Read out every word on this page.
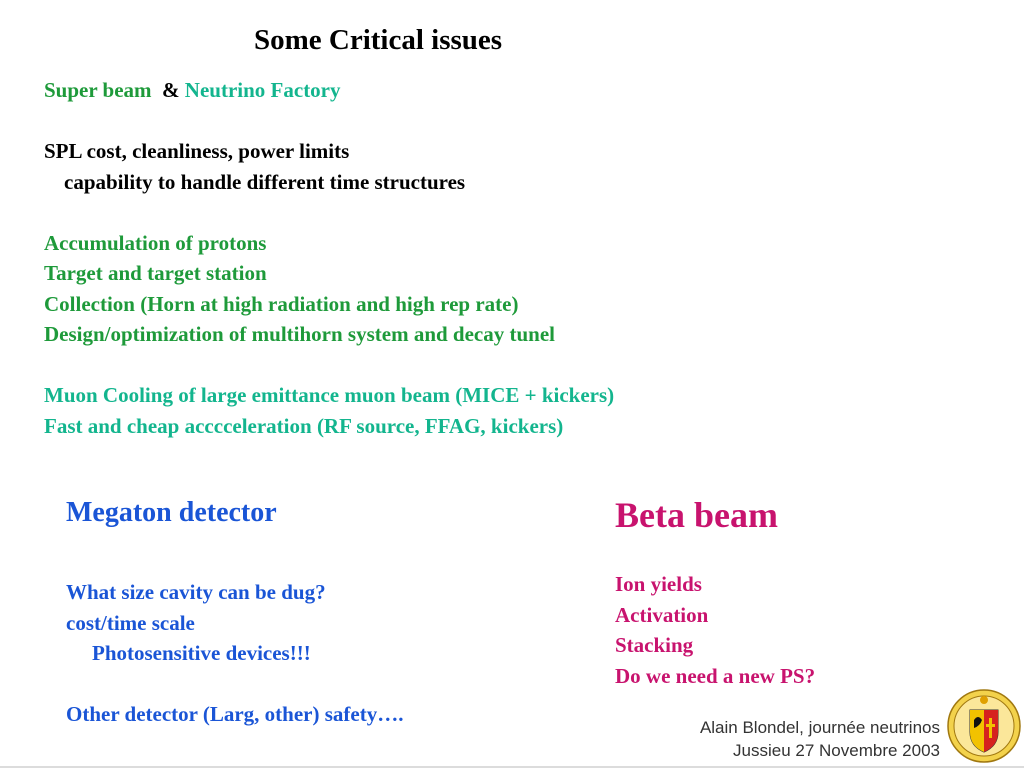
Some Critical issues
Super beam & Neutrino Factory
SPL cost, cleanliness, power limits
capability to handle different time structures
Accumulation of protons
Target and target station
Collection (Horn at high radiation and high rep rate)
Design/optimization of multihorn system and decay tunel
Muon Cooling of large emittance muon beam (MICE + kickers)
Fast and cheap acccceleration (RF source, FFAG, kickers)
Megaton detector
What size cavity can be dug?
cost/time scale
Photosensitive devices!!!
Other detector (Larg, other) safety….
Beta beam
Ion yields
Activation
Stacking
Do we need a new PS?
Alain Blondel, journée neutrinos
Jussieu 27 Novembre 2003
